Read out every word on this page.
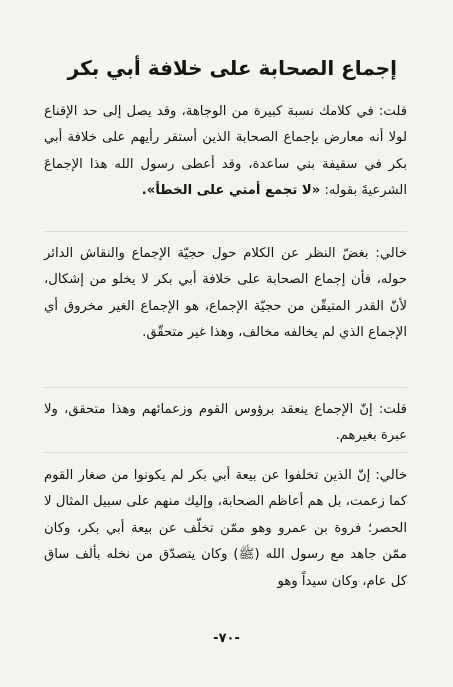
إجماع الصحابة على خلافة أبي بكر

قلت: في كلامك نسبة كبيرة من الوجاهة، وقد يصل إلى حد الإقناع لولا أنه معارض بإجماع الصحابة الذين أستقر رأيهم على خلافة أبي بكر في سقيفة بني ساعدة، وقد أعطى رسول الله هذا الإجماعَ الشرعيةَ بقوله: «لا تجمع أمتي على الخطأ».

خالي: بغضّ النظر عن الكلام حول حجيّة الإجماع والنقاش الدائر حوله، فأن إجماع الصحابة على خلافة أبي بكر لا يخلو من إشكال، لأنّ القدر المتيقّن من حجيّة الإجماع، هو الإجماع الغير مخروق أي الإجماع الذي لم يخالفه مخالف، وهذا غير متحقّق.

قلت: إنّ الإجماع ينعقد برؤوس القوم وزعمائهم وهذا متحقق، ولا عبرة بغيرهم.

خالي: إنّ الذين تخلفوا عن بيعة أبي بكر لم يكونوا من صغار القوم كما زعمت، بل هم أعاظم الصحابة، وإليك منهم على سبيل المثال لا الحصر؛ فروة بن عمرو وهو ممّن تخلّف عن بيعة أبي بكر، وكان ممّن جاهد مع رسول الله (ﷺ) وكان يتصدّق من نخله بألف ساق كل عام، وكان سيداً وهو

-٧٠-
